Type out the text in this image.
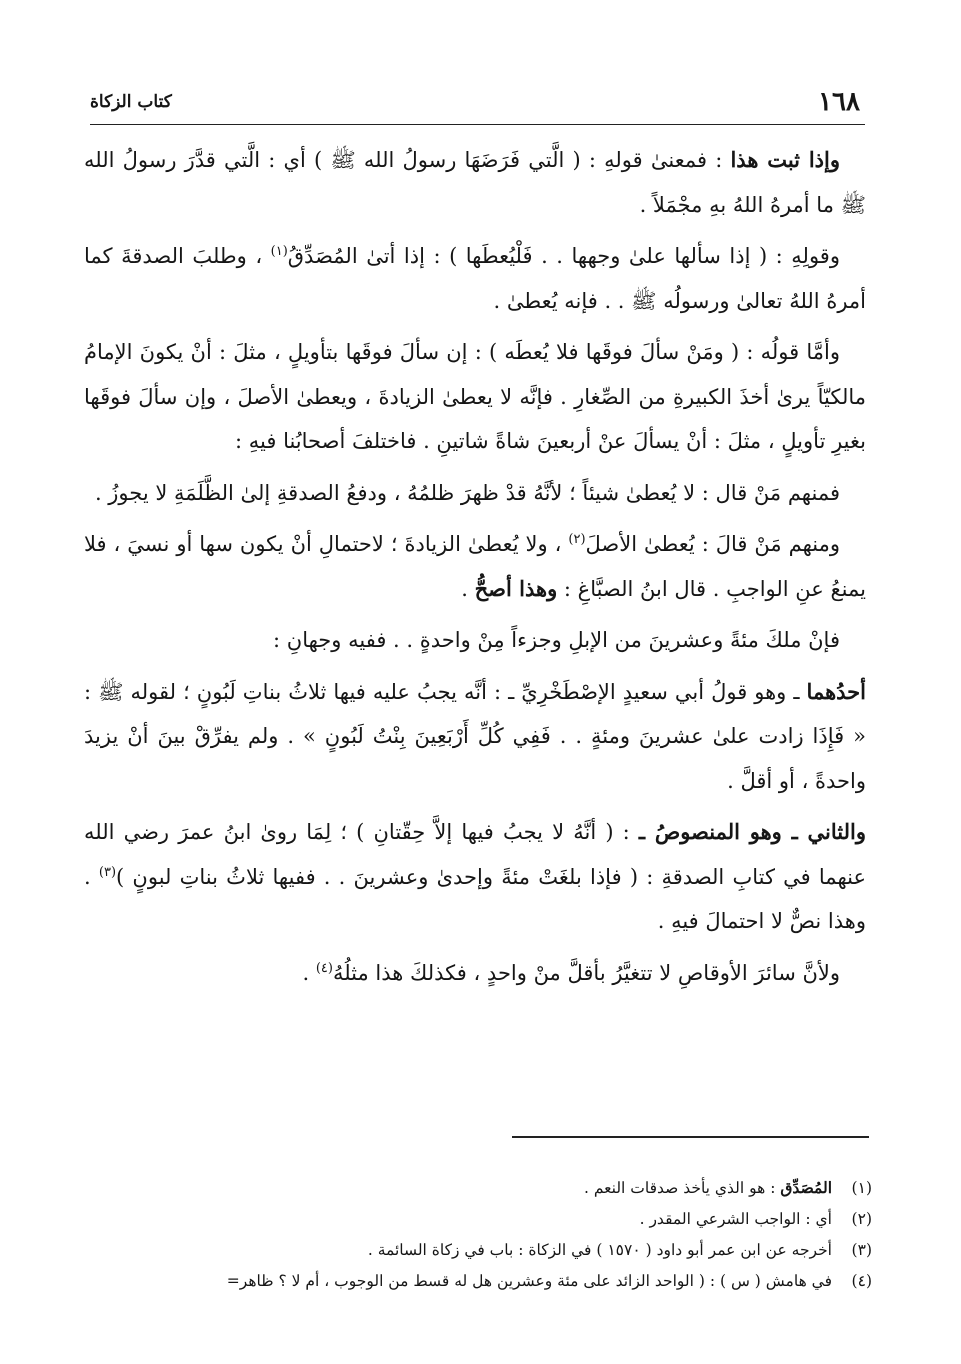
١٦٨
كتاب الزكاة

وإذا ثبت هذا : فمعنىٰ قولهِ : ( الَّتي فَرَضَهَا رسولُ الله ﷺ ) أي : الَّتي قدَّرَ رسولُ الله ﷺ ما أمرهُ اللهُ بهِ مجْمَلاً .

وقولِهِ : ( إذا سألها علىٰ وجهها . . فَلْيُعطَها ) : إذا أتىٰ المُصَدِّقُ$^{(١)}$ ، وطلبَ الصدقةَ كما أمرهُ اللهُ تعالىٰ ورسولُه ﷺ . . فإنه يُعطىٰ .

وأمَّا قولُه : ( ومَنْ سألَ فوقَها فلا يُعطَه ) : إن سألَ فوقَها بتأويلٍ ، مثلَ : أنْ يكونَ الإمامُ مالكيّاً يرىٰ أخذَ الكبيرةِ من الصِّغارِ . فإنَّه لا يعطىٰ الزيادةَ ، ويعطىٰ الأصلَ ، وإن سألَ فوقَها بغيرِ تأويلٍ ، مثلَ : أنْ يسألَ عنْ أربعينَ شاةً شاتينِ . فاختلفَ أصحابُنا فيهِ :

فمنهم مَنْ قال : لا يُعطىٰ شيئاً ؛ لأنَّهُ قدْ ظهرَ ظلمُهُ ، ودفعُ الصدقةِ إلىٰ الظَّلَمَةِ لا يجوزُ .

ومنهم مَنْ قالَ : يُعطىٰ الأصلَ$^{(٢)}$ ، ولا يُعطىٰ الزيادةَ ؛ لاحتمالِ أنْ يكون سها أو نسيَ ، فلا يمنعُ عنِ الواجبِ . قال ابنُ الصبَّاغِ : وهذا أصحُّ .

فإنْ ملكَ مئةً وعشرينَ من الإبلِ وجزءاً مِنْ واحدةٍ . . ففيه وجهانِ :

أحدُهما ـ وهو قولُ أبي سعيدٍ الإصْطَخْرِيِّ ـ : أنَّه يجبُ عليه فيها ثلاثُ بناتِ لَبُونٍ ؛ لقوله ﷺ : « فَإِذَا زادت علىٰ عشرينَ ومئةٍ . . فَفِي كُلِّ أَرْبَعِينَ بِنْتُ لَبُونٍ » . ولم يفرِّقْ بينَ أنْ يزيدَ واحدةً ، أو أقلَّ .

والثاني ـ وهو المنصوصُ ـ : ( أنَّهُ لا يجبُ فيها إلاَّ حِقّتانِ ) ؛ لِمَا روىٰ ابنُ عمرَ رضي الله عنهما في كتابِ الصدقةِ : ( فإذا بلغَتْ مئةً وإحدىٰ وعشرينَ . . ففيها ثلاثُ بناتِ لبونٍ )$^{(٣)}$ . وهذا نصٌّ لا احتمالَ فيهِ .

ولأنَّ سائرَ الأوقاصِ لا تتغيَّرُ بأقلَّ منْ واحدٍ ، فكذلكَ هذا مثلُهُ$^{(٤)}$ .

(١)المُصَدِّق : هو الذي يأخذ صدقات النعم .
(٢)أي : الواجب الشرعي المقدر .
(٣)أخرجه عن ابن عمر أبو داود ( ١٥٧٠ ) في الزكاة : باب في زكاة السائمة .
(٤)في هامش ( س ) : ( الواحد الزائد على مئة وعشرين هل له قسط من الوجوب ، أم لا ؟ ظاهر=
